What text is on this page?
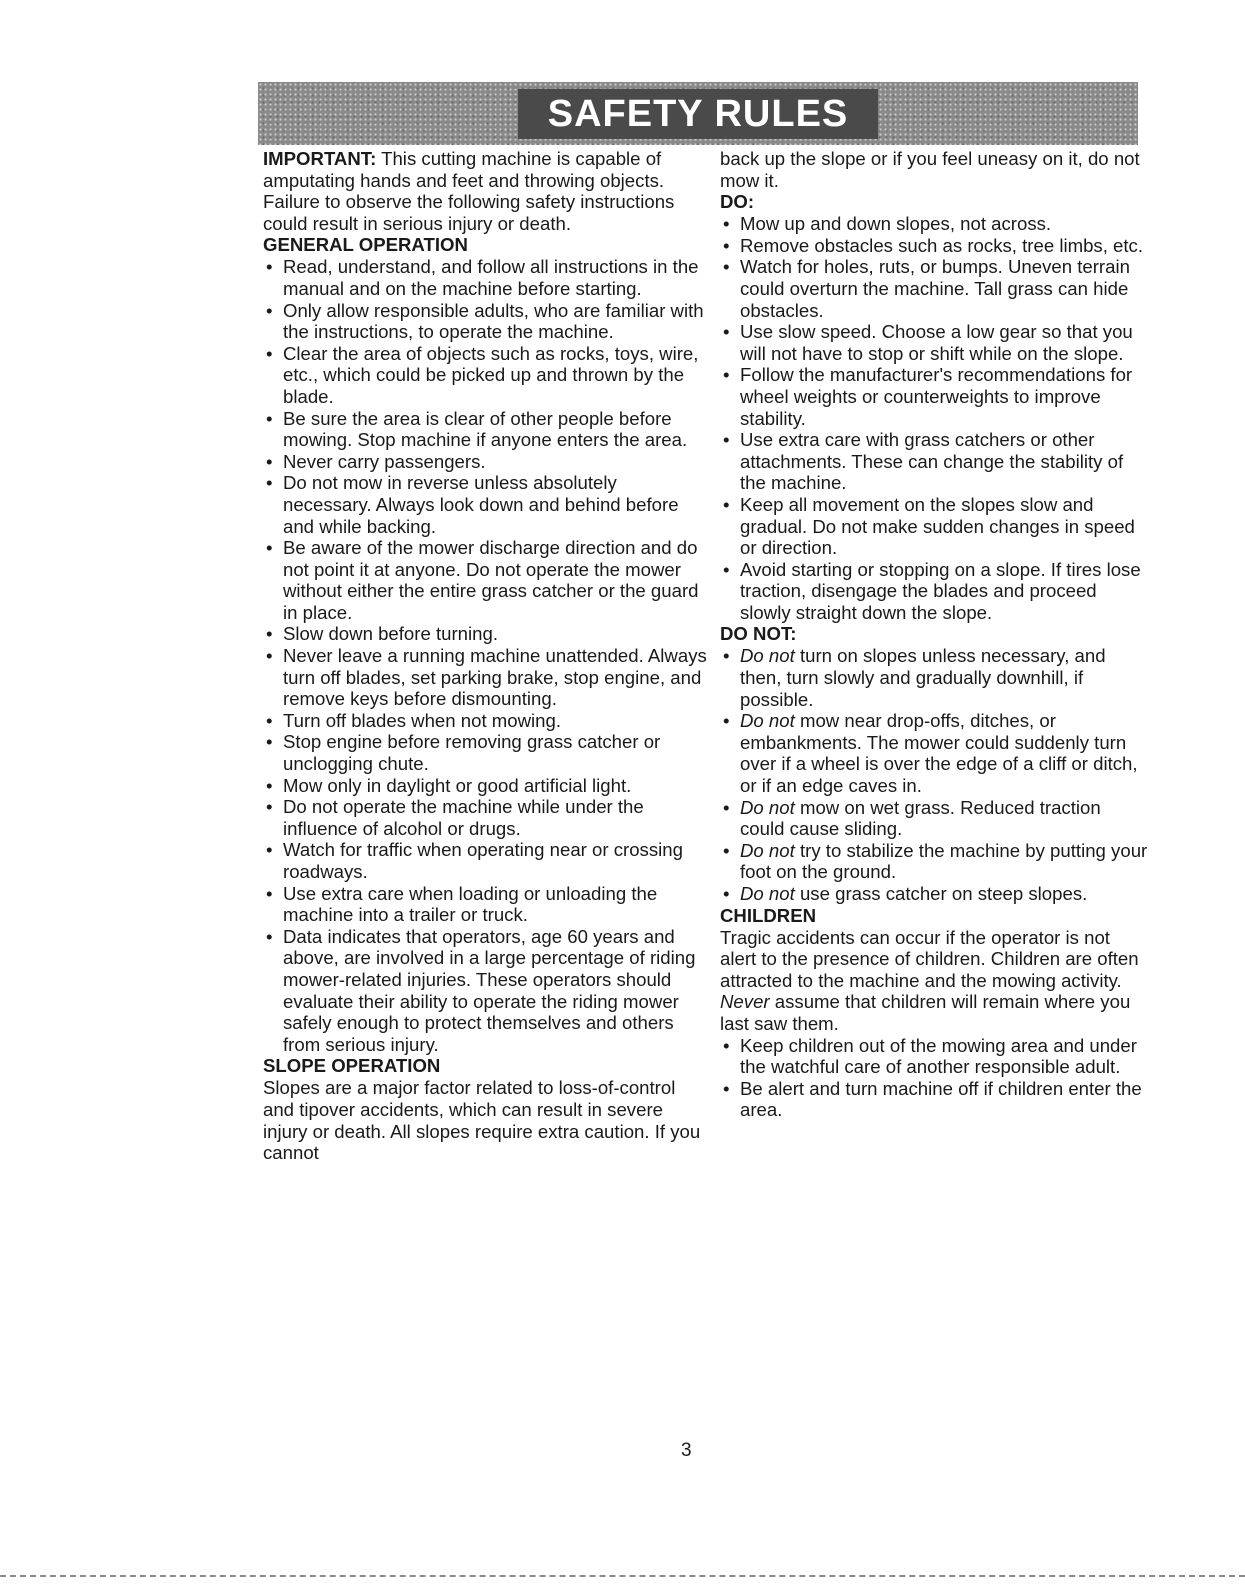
SAFETY RULES

IMPORTANT: This cutting machine is capable of amputating hands and feet and throwing objects. Failure to observe the following safety instructions could result in serious injury or death.

GENERAL OPERATION

• Read, understand, and follow all instructions in the manual and on the machine before starting.
• Only allow responsible adults, who are familiar with the instructions, to operate the machine.
• Clear the area of objects such as rocks, toys, wire, etc., which could be picked up and thrown by the blade.
• Be sure the area is clear of other people before mowing. Stop machine if anyone enters the area.
• Never carry passengers.
• Do not mow in reverse unless absolutely necessary. Always look down and behind before and while backing.
• Be aware of the mower discharge direction and do not point it at anyone. Do not operate the mower without either the entire grass catcher or the guard in place.
• Slow down before turning.
• Never leave a running machine unattended. Always turn off blades, set parking brake, stop engine, and remove keys before dismounting.
• Turn off blades when not mowing.
• Stop engine before removing grass catcher or unclogging chute.
• Mow only in daylight or good artificial light.
• Do not operate the machine while under the influence of alcohol or drugs.
• Watch for traffic when operating near or crossing roadways.
• Use extra care when loading or unloading the machine into a trailer or truck.
• Data indicates that operators, age 60 years and above, are involved in a large percentage of riding mower-related injuries. These operators should evaluate their ability to operate the riding mower safely enough to protect themselves and others from serious injury.

SLOPE OPERATION

Slopes are a major factor related to loss-of-control and tipover accidents, which can result in severe injury or death. All slopes require extra caution. If you cannot

back up the slope or if you feel uneasy on it, do not mow it.

DO:

• Mow up and down slopes, not across.
• Remove obstacles such as rocks, tree limbs, etc.
• Watch for holes, ruts, or bumps. Uneven terrain could overturn the machine. Tall grass can hide obstacles.
• Use slow speed. Choose a low gear so that you will not have to stop or shift while on the slope.
• Follow the manufacturer's recommendations for wheel weights or counterweights to improve stability.
• Use extra care with grass catchers or other attachments. These can change the stability of the machine.
• Keep all movement on the slopes slow and gradual. Do not make sudden changes in speed or direction.
• Avoid starting or stopping on a slope. If tires lose traction, disengage the blades and proceed slowly straight down the slope.

DO NOT:

• Do not turn on slopes unless necessary, and then, turn slowly and gradually downhill, if possible.
• Do not mow near drop-offs, ditches, or embankments. The mower could suddenly turn over if a wheel is over the edge of a cliff or ditch, or if an edge caves in.
• Do not mow on wet grass. Reduced traction could cause sliding.
• Do not try to stabilize the machine by putting your foot on the ground.
• Do not use grass catcher on steep slopes.

CHILDREN

Tragic accidents can occur if the operator is not alert to the presence of children. Children are often attracted to the machine and the mowing activity. Never assume that children will remain where you last saw them.

• Keep children out of the mowing area and under the watchful care of another responsible adult.
• Be alert and turn machine off if children enter the area.
3
